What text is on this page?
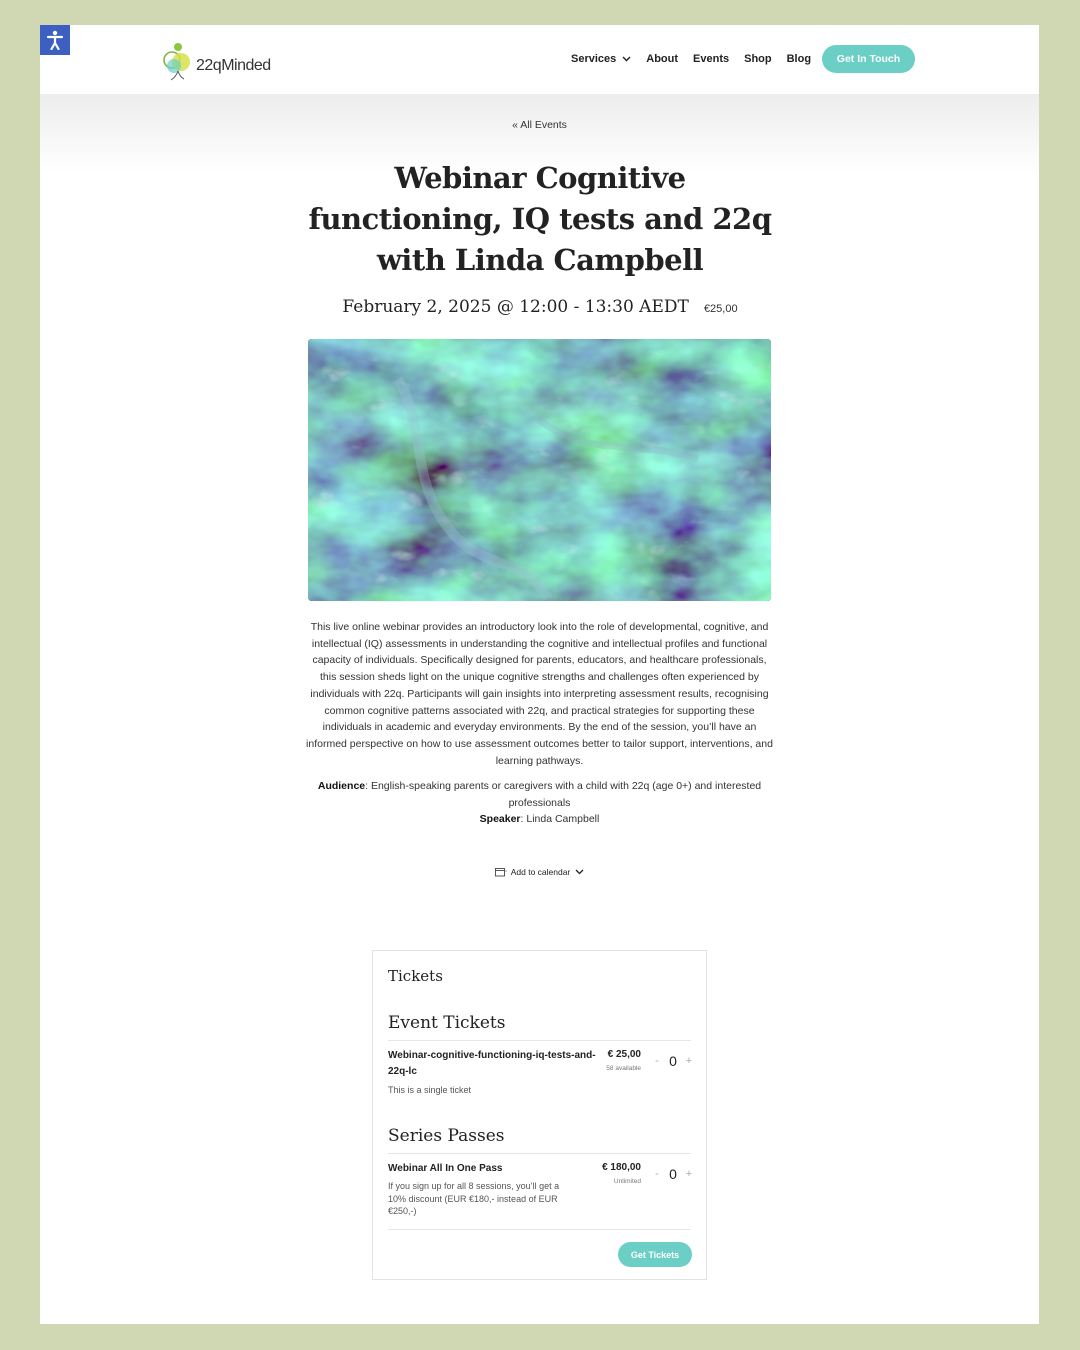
22qMinded	Services	About Events Shop Blog	Get In Touch
« All Events
Webinar Cognitive functioning, IQ tests and 22q with Linda Campbell
February 2, 2025 @ 12:00 - 13:30 AEDT €25,00

This live online webinar provides an introductory look into the role of developmental, cognitive, and intellectual (IQ) assessments in understanding the cognitive and intellectual profiles and functional capacity of individuals. Specifically designed for parents, educators, and healthcare professionals, this session sheds light on the unique cognitive strengths and challenges often experienced by individuals with 22q. Participants will gain insights into interpreting assessment results, recognising common cognitive patterns associated with 22q, and practical strategies for supporting these individuals in academic and everyday environments. By the end of the session, you’ll have an informed perspective on how to use assessment outcomes better to tailor support, interventions, and learning pathways.

Audience: English-speaking parents or caregivers with a child with 22q (age 0+) and interested professionals
Speaker: Linda Campbell
Add to calendar
Tickets
Event Tickets
Webinar-cognitive-functioning-iq-tests-and-22q-lc
This is a single ticket
€ 25,00
58 available
- 0 +
Series Passes
Webinar All In One Pass
If you sign up for all 8 sessions, you’ll get a 10% discount (EUR €180,- instead of EUR €250,-)
€ 180,00
Unlimited
- 0 +
Get Tickets
